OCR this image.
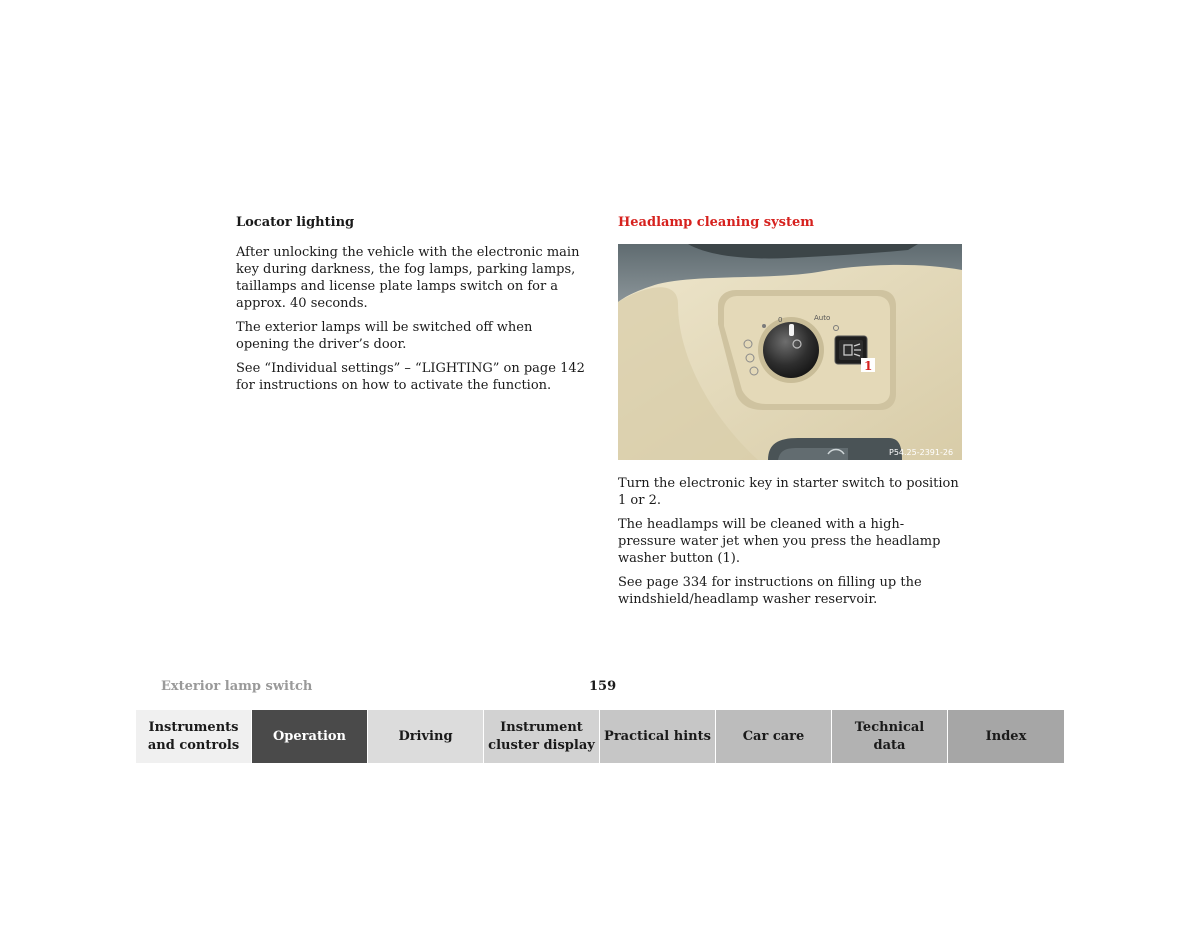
Locator lighting

After unlocking the vehicle with the electronic main key during darkness, the fog lamps, parking lamps, taillamps and license plate lamps switch on for a approx. 40 seconds.

The exterior lamps will be switched off when opening the driver’s door.

See “Individual settings” – “LIGHTING” on page 142 for instructions on how to activate the function.

Headlamp cleaning system
Auto
0
1
P54.25-2391-26

Turn the electronic key in starter switch to position 1 or 2.

The headlamps will be cleaned with a high-pressure water jet when you press the headlamp washer button (1).

See page 334 for instructions on filling up the windshield/headlamp washer reservoir.

Exterior lamp switch	159
Instruments
and controls
Operation	Driving
Instrument
cluster display
Practical hints Car care
Technical
data
Index
